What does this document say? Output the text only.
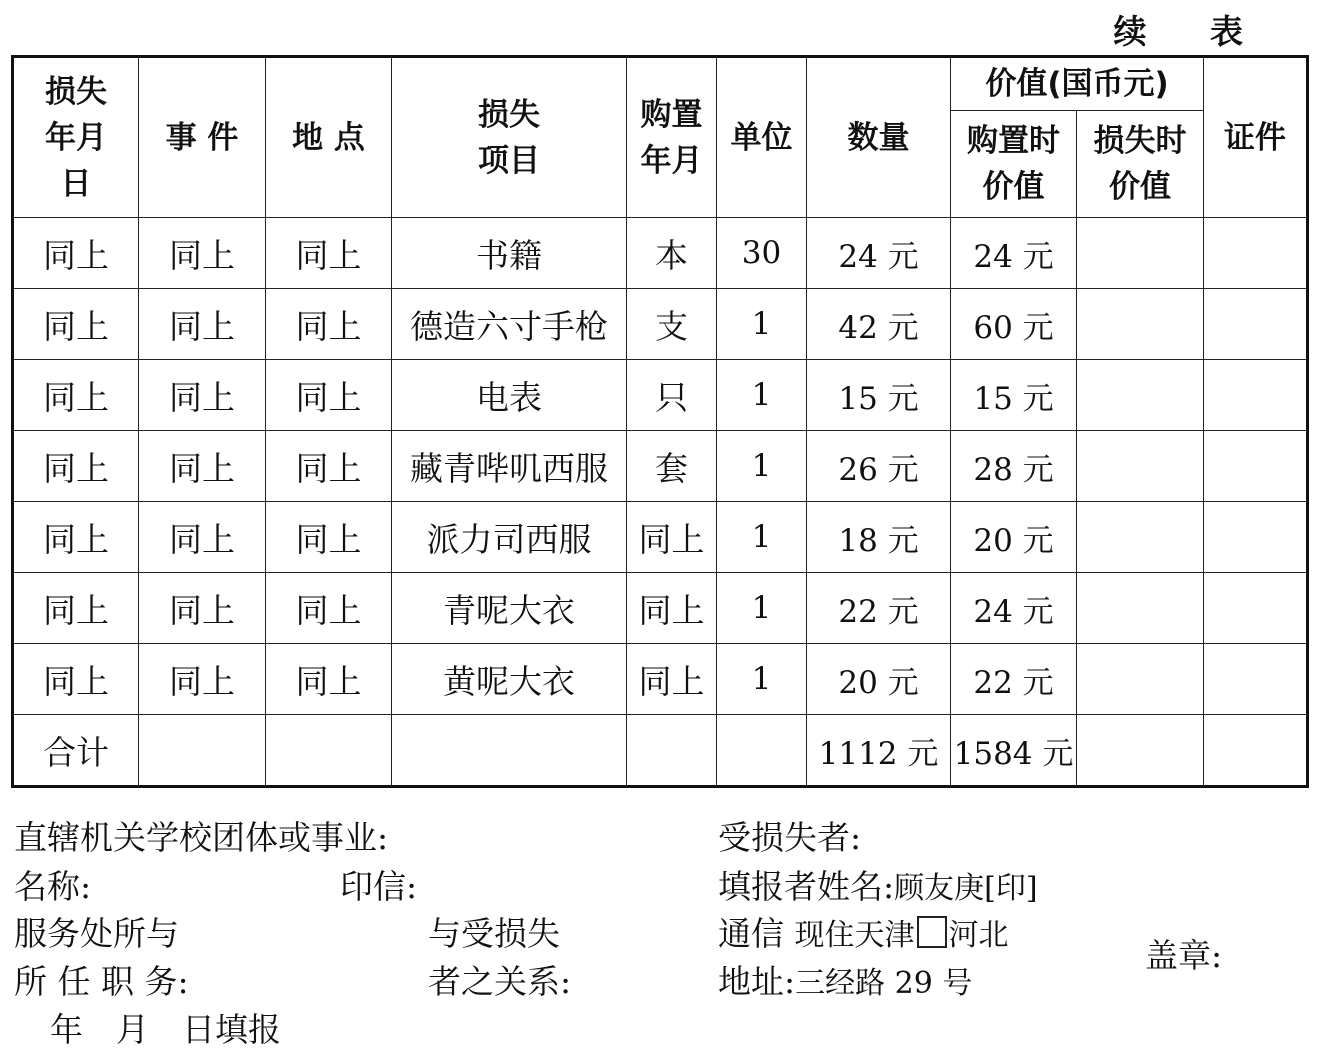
续 表
损失年月日	事 件	地 点	损失项目	购置年月	单位	数量	价值(国币元)		证件

							购置时价值	损失时价值	

同上	同上	同上	书籍	本	30	24 元	24 元		
同上	同上	同上	德造六寸手枪	支	1	42 元	60 元		
同上	同上	同上	电表	只	1	15 元	15 元		
同上	同上	同上	藏青哔叽西服	套	1	26 元	28 元		
同上	同上	同上	派力司西服	同上	1	18 元	20 元		
同上	同上	同上	青呢大衣	同上	1	22 元	24 元		
同上	同上	同上	黄呢大衣	同上	1	20 元	22 元		
合计						1112 元	1584 元		
直辖机关学校团体或事业:
名称:	印信:
服务处所与	与受损失
所 任 职 务:	者之关系:
年　月　日填报
受损失者:
填报者姓名:顾友庚[印]
通信 现住天津 河北
地址:三经路 29 号
盖章:
